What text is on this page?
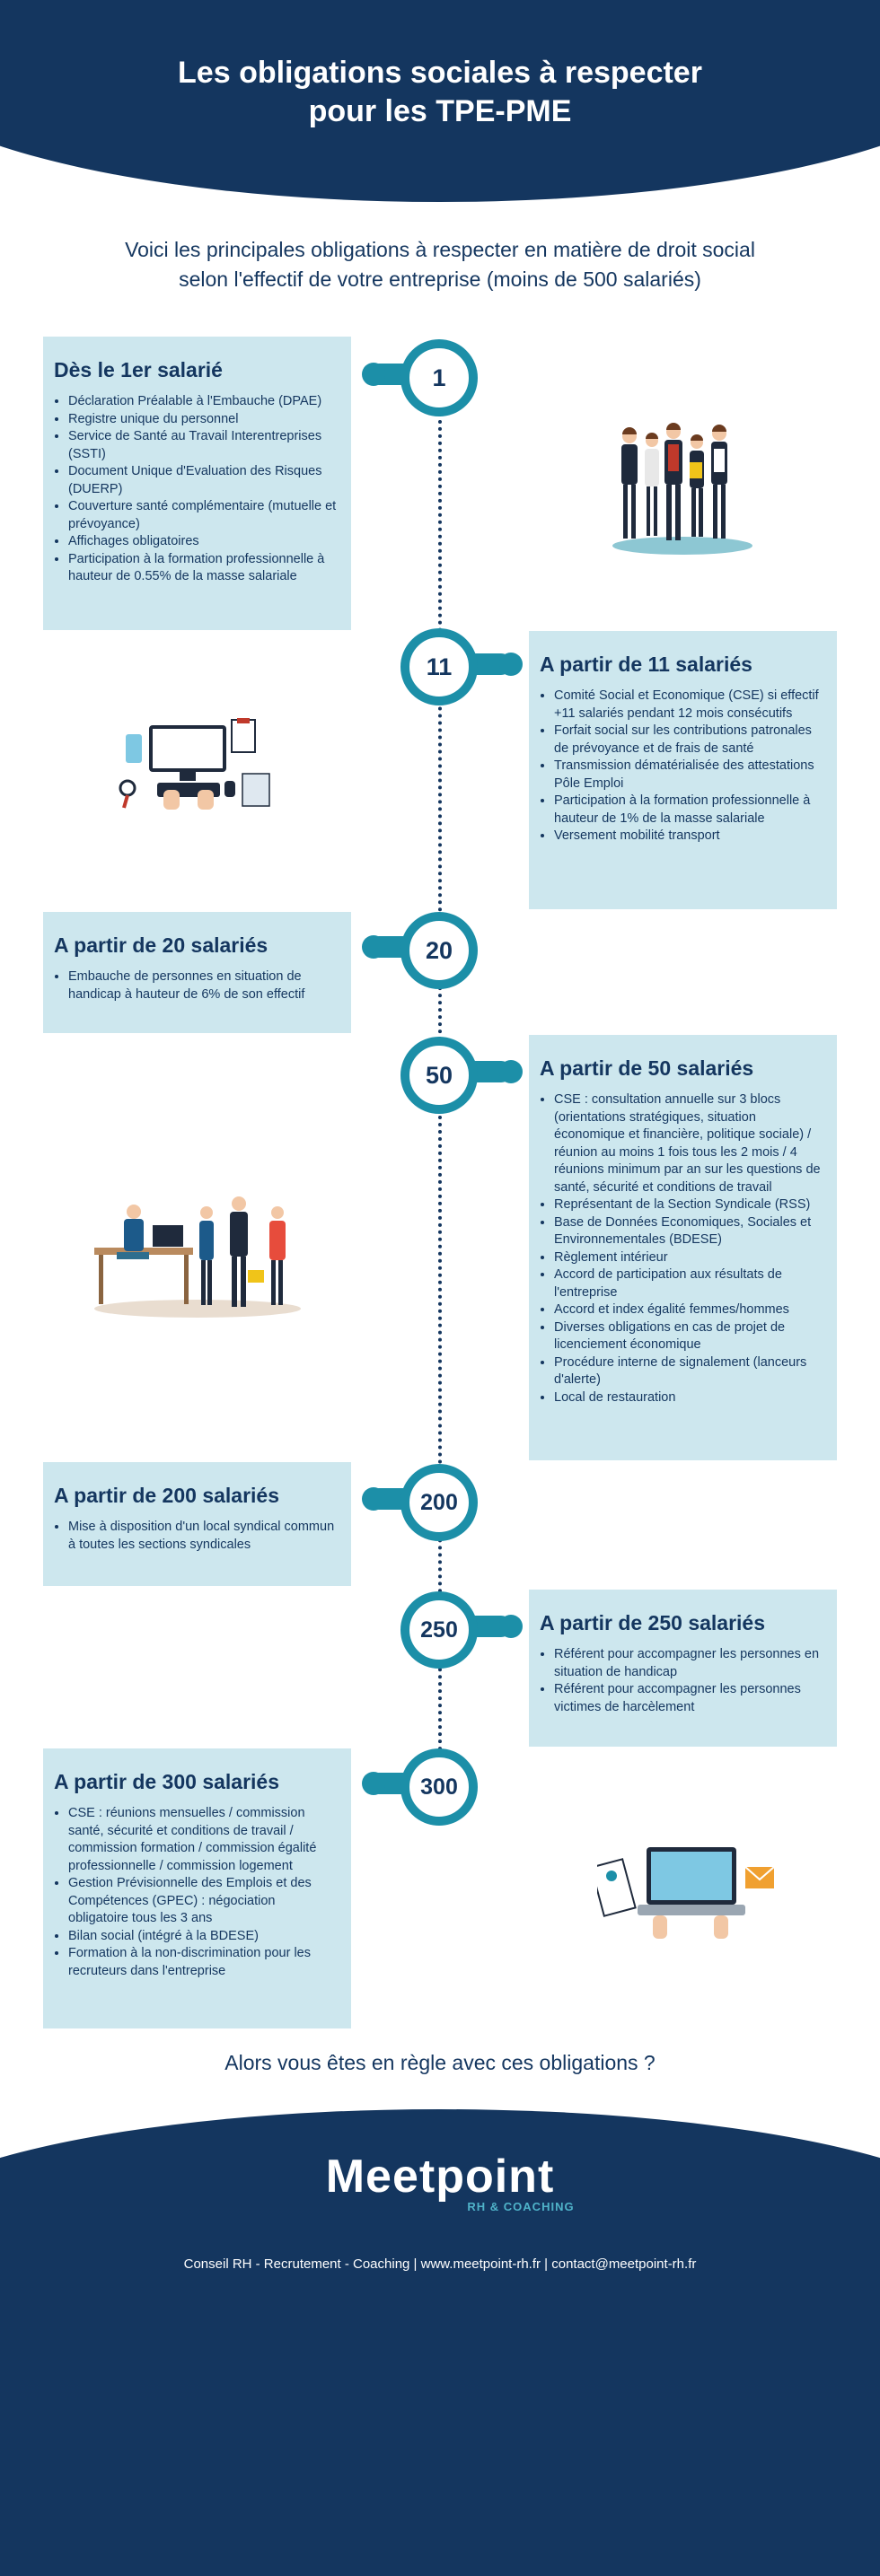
Les obligations sociales à respecter
pour les TPE-PME
Voici les principales obligations à respecter en matière de droit social selon l'effectif de votre entreprise (moins de 500 salariés)
Dès le 1er salarié
• Déclaration Préalable à l'Embauche (DPAE)
• Registre unique du personnel
• Service de Santé au Travail Interentreprises (SSTI)
• Document Unique d'Evaluation des Risques (DUERP)
• Couverture santé complémentaire (mutuelle et prévoyance)
• Affichages obligatoires
• Participation à la formation professionnelle à hauteur de 0.55% de la masse salariale
1
A partir de 11 salariés
• Comité Social et Economique (CSE) si effectif +11 salariés pendant 12 mois consécutifs
• Forfait social sur les contributions patronales de prévoyance et de frais de santé
• Transmission dématérialisée des attestations Pôle Emploi
• Participation à la formation professionnelle à hauteur de 1% de la masse salariale
• Versement mobilité transport
11
A partir de 20 salariés
• Embauche de personnes en situation de handicap à hauteur de 6% de son effectif
20
A partir de 50 salariés
• CSE : consultation annuelle sur 3 blocs (orientations stratégiques, situation économique et financière, politique sociale) / réunion au moins 1 fois tous les 2 mois / 4 réunions minimum par an sur les questions de santé, sécurité et conditions de travail
• Représentant de la Section Syndicale (RSS)
• Base de Données Economiques, Sociales et Environnementales (BDESE)
• Règlement intérieur
• Accord de participation aux résultats de l'entreprise
• Accord et index égalité femmes/hommes
• Diverses obligations en cas de projet de licenciement économique
• Procédure interne de signalement (lanceurs d'alerte)
• Local de restauration
50
A partir de 200 salariés
• Mise à disposition d'un local syndical commun à toutes les sections syndicales
200
A partir de 250 salariés
• Référent pour accompagner les personnes en situation de handicap
• Référent pour accompagner les personnes victimes de harcèlement
250
A partir de 300 salariés
• CSE : réunions mensuelles / commission santé, sécurité et conditions de travail / commission formation / commission égalité professionnelle / commission logement
• Gestion Prévisionnelle des Emplois et des Compétences (GPEC) : négociation obligatoire tous les 3 ans
• Bilan social (intégré à la BDESE)
• Formation à la non-discrimination pour les recruteurs dans l'entreprise
300
Alors vous êtes en règle avec ces obligations ?
Meetpoint
RH & COACHING
Conseil RH - Recrutement - Coaching | www.meetpoint-rh.fr | contact@meetpoint-rh.fr
